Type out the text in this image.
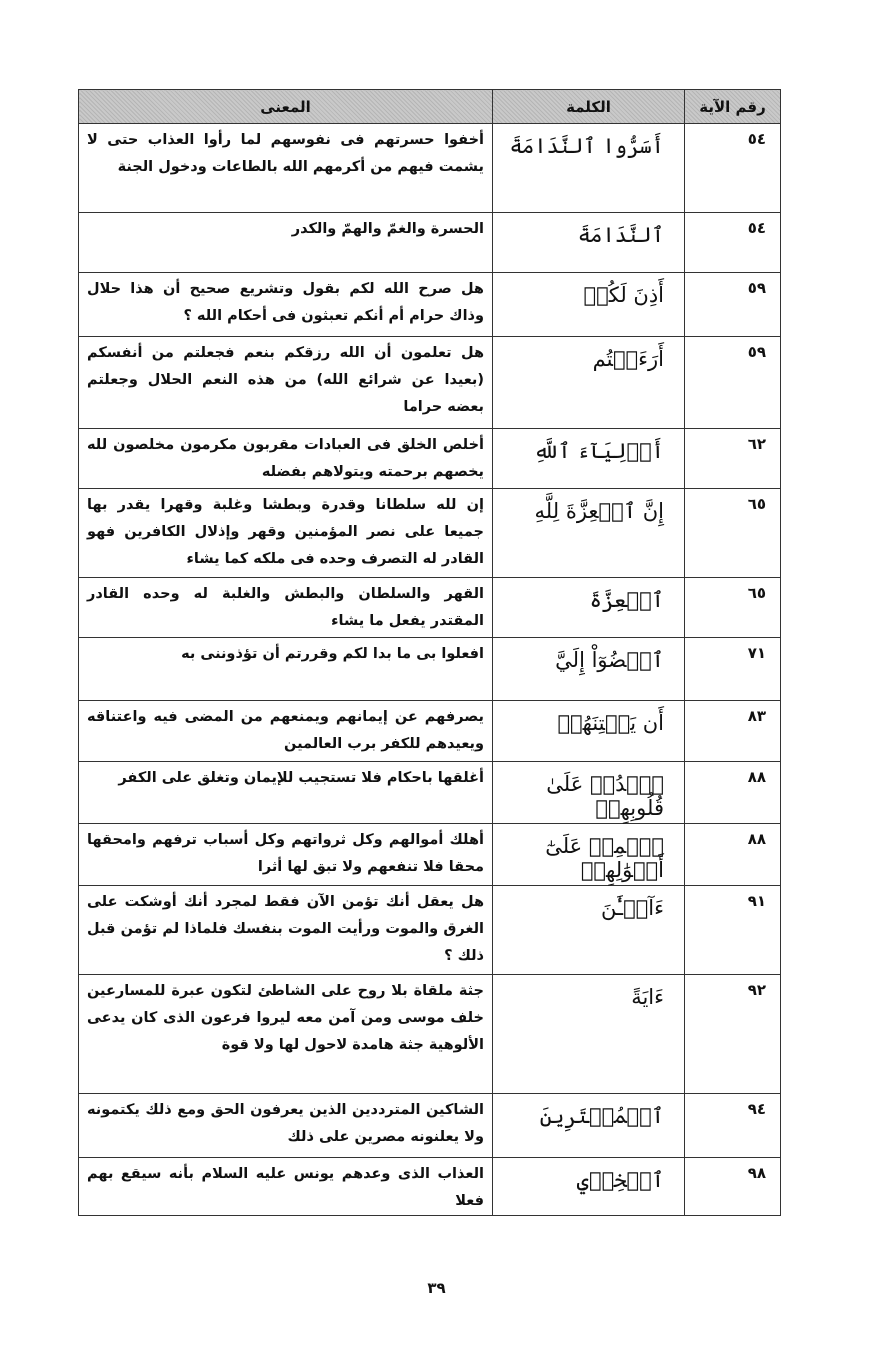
رقم الآية	الكلمة	المعنى
٥٤	أَسَرُّوا ٱلنَّدَامَةَ	أخفوا حسرتهم فى نفوسهم لما رأوا العذاب حتى لا يشمت فيهم من أكرمهم الله بالطاعات ودخول الجنة
٥٤	ٱلنَّدَامَةَ	الحسرة والغمّ والهمّ والكدر
٥٩	أَذِنَ لَكُمۡ	هل صرح الله لكم بقول وتشريع صحيح أن هذا حلال وذاك حرام أم أنكم تعبثون فى أحكام الله ؟
٥٩	أَرَءَيۡتُم	هل تعلمون أن الله رزقكم بنعم فجعلتم من أنفسكم (بعيدا عن شرائع الله) من هذه النعم الحلال وجعلتم بعضه حراما
٦٢	أَوۡلِيَآءَ ٱللَّهِ	أخلص الخلق فى العبادات مقربون مكرمون مخلصون لله يخصهم برحمته ويتولاهم بفضله
٦٥	إِنَّ ٱلۡعِزَّةَ لِلَّهِ	إن لله سلطانا وقدرة وبطشا وغلبة وقهرا يقدر بها جميعا على نصر المؤمنين وقهر وإذلال الكافرين فهو القادر له التصرف وحده فى ملكه كما يشاء
٦٥	ٱلۡعِزَّةَ	القهر والسلطان والبطش والغلبة له وحده القادر المقتدر يفعل ما يشاء
٧١	ٱقۡضُوٓاْ إِلَيَّ	افعلوا بى ما بدا لكم وقررتم أن تؤذوننى به
٨٣	أَن يَفۡتِنَهُمۡ	يصرفهم عن إيمانهم ويمنعهم من المضى فيه واعتناقه ويعيدهم للكفر برب العالمين
٨٨	ٱشۡدُدۡ عَلَىٰ قُلُوبِهِمۡ	أغلقها باحكام فلا تستجيب للإيمان وتغلق على الكفر
٨٨	ٱطۡمِسۡ عَلَىٰٓ أَمۡوَٰلِهِمۡ	أهلك أموالهم وكل ثرواتهم وكل أسباب ترفهم وامحقها محقا فلا تنفعهم ولا تبق لها أثرا
٩١	ءَآلۡـَٰٔنَ	هل يعقل أنك تؤمن الآن فقط لمجرد أنك أوشكت على الغرق والموت ورأيت الموت بنفسك فلماذا لم تؤمن قبل ذلك ؟
٩٢	ءَايَةً	جثة ملقاة بلا روح على الشاطئ لتكون عبرة للمسارعين خلف موسى ومن آمن معه ليروا فرعون الذى كان يدعى الألوهية جثة هامدة لاحول لها ولا قوة
٩٤	ٱلۡمُمۡتَرِينَ	الشاكين المترددين الذين يعرفون الحق ومع ذلك يكتمونه ولا يعلنونه مصرين على ذلك
٩٨	ٱلۡخِزۡيِ	العذاب الذى وعدهم يونس عليه السلام بأنه سيقع بهم فعلا
٣٩
